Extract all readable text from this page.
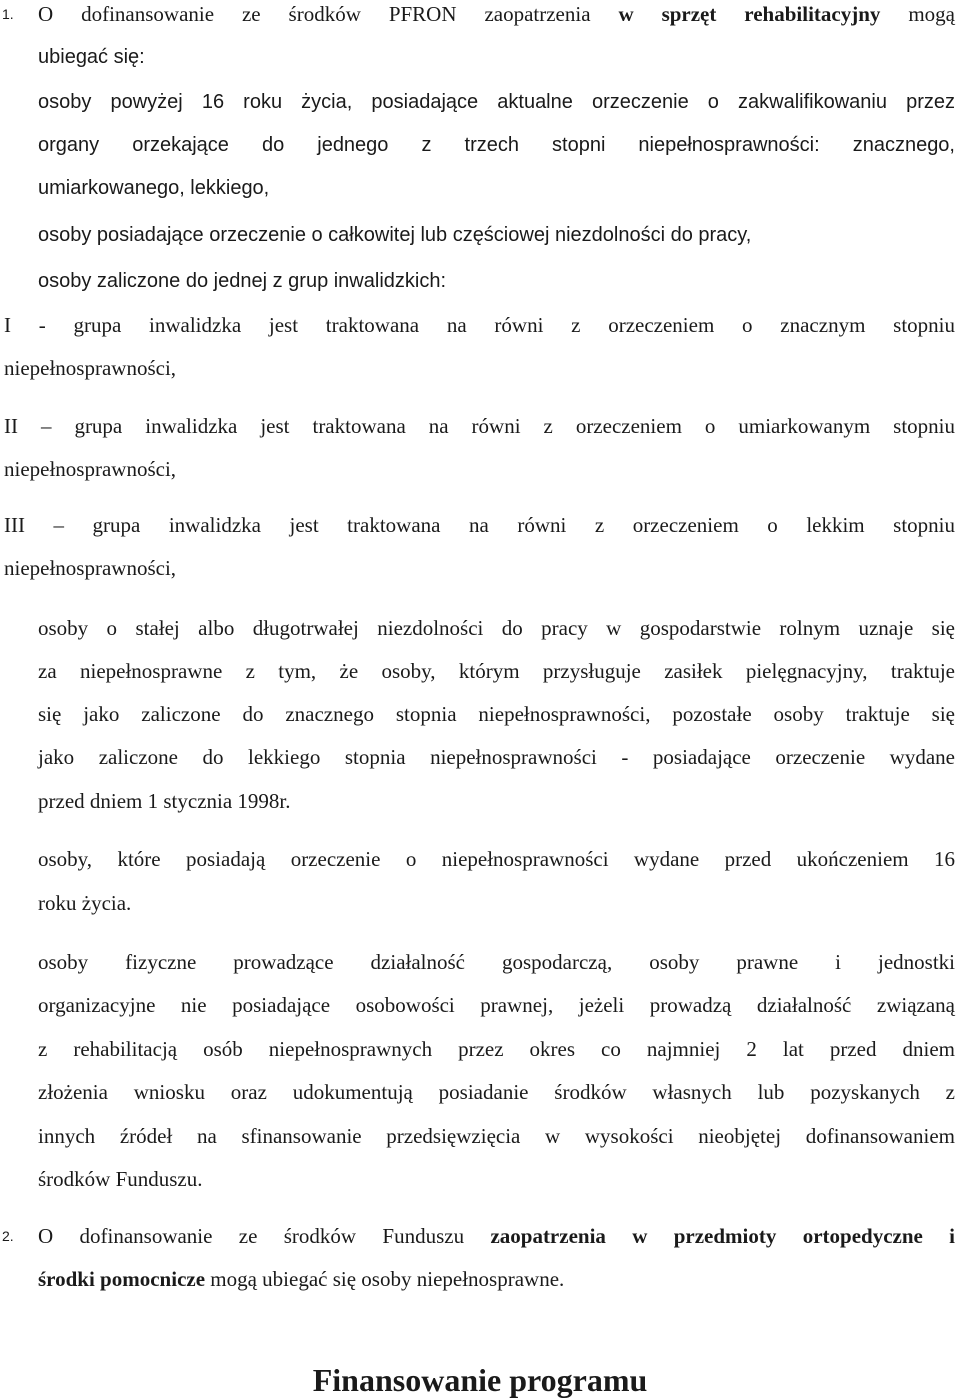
1. O dofinansowanie ze środków PFRON zaopatrzenia w sprzęt rehabilitacyjny mogą

ubiegać się:

osoby powyżej 16 roku życia, posiadające aktualne orzeczenie o zakwalifikowaniu przez

organy orzekające do jednego z trzech stopni niepełnosprawności: znacznego,

umiarkowanego, lekkiego,

osoby posiadające orzeczenie o całkowitej lub częściowej niezdolności do pracy,

osoby zaliczone do jednej z grup inwalidzkich:

I - grupa inwalidzka jest traktowana na równi z orzeczeniem o znacznym stopniu

niepełnosprawności,

II – grupa inwalidzka jest traktowana na równi z orzeczeniem o umiarkowanym stopniu

niepełnosprawności,

III – grupa inwalidzka jest traktowana na równi z orzeczeniem o lekkim stopniu

niepełnosprawności,

osoby o stałej albo długotrwałej niezdolności do pracy w gospodarstwie rolnym uznaje się

za niepełnosprawne z tym, że osoby, którym przysługuje zasiłek pielęgnacyjny, traktuje

się jako zaliczone do znacznego stopnia niepełnosprawności, pozostałe osoby traktuje się

jako zaliczone do lekkiego stopnia niepełnosprawności - posiadające orzeczenie wydane

przed dniem 1 stycznia 1998r.

osoby, które posiadają orzeczenie o niepełnosprawności wydane przed ukończeniem 16

roku życia.

osoby fizyczne prowadzące działalność gospodarczą, osoby prawne i jednostki

organizacyjne nie posiadające osobowości prawnej, jeżeli prowadzą działalność związaną

z rehabilitacją osób niepełnosprawnych przez okres co najmniej 2 lat przed dniem

złożenia wniosku oraz udokumentują posiadanie środków własnych lub pozyskanych z

innych źródeł na sfinansowanie przedsięwzięcia w wysokości nieobjętej dofinansowaniem

środków Funduszu.

2. O dofinansowanie ze środków Funduszu zaopatrzenia w przedmioty ortopedyczne i

środki pomocnicze mogą ubiegać się osoby niepełnosprawne.

Finansowanie programu
